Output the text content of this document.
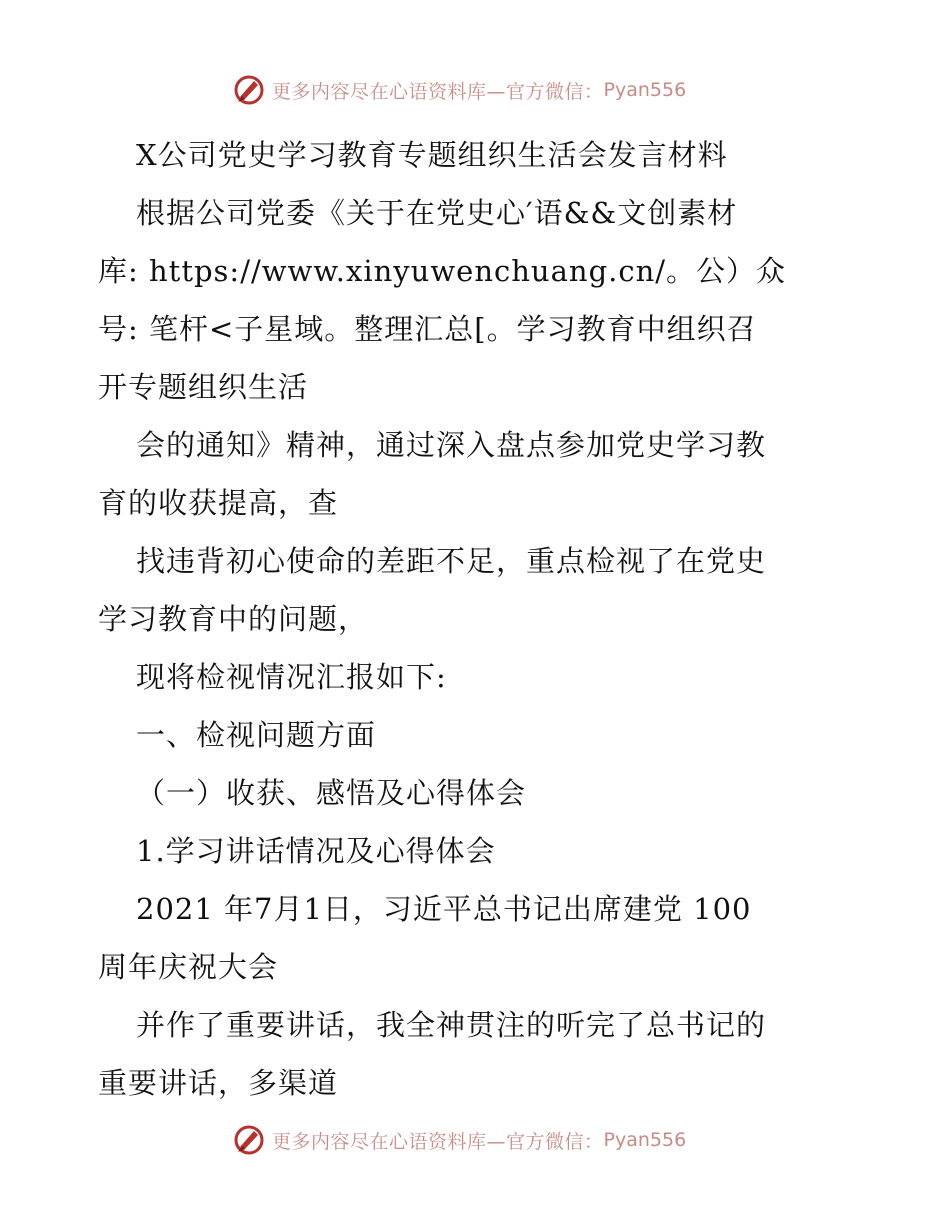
更多内容尽在心语资料库—官方微信： Pyan556
X公司党史学习教育专题组织生活会发言材料
根据公司党委《关于在党史心′语&&文创素材
库: https://www.xinyuwenchuang.cn/。公）众
号: 笔杆<子星域。整理汇总[。学习教育中组织召
开专题组织生活
会的通知》精神，通过深入盘点参加党史学习教
育的收获提高，查
找违背初心使命的差距不足，重点检视了在党史
学习教育中的问题，
现将检视情况汇报如下:
一、检视问题方面
（一）收获、感悟及心得体会
1.学习讲话情况及心得体会
2021 年7月1日，习近平总书记出席建党 100
周年庆祝大会
并作了重要讲话，我全神贯注的听完了总书记的
重要讲话，多渠道
更多内容尽在心语资料库—官方微信： Pyan556
